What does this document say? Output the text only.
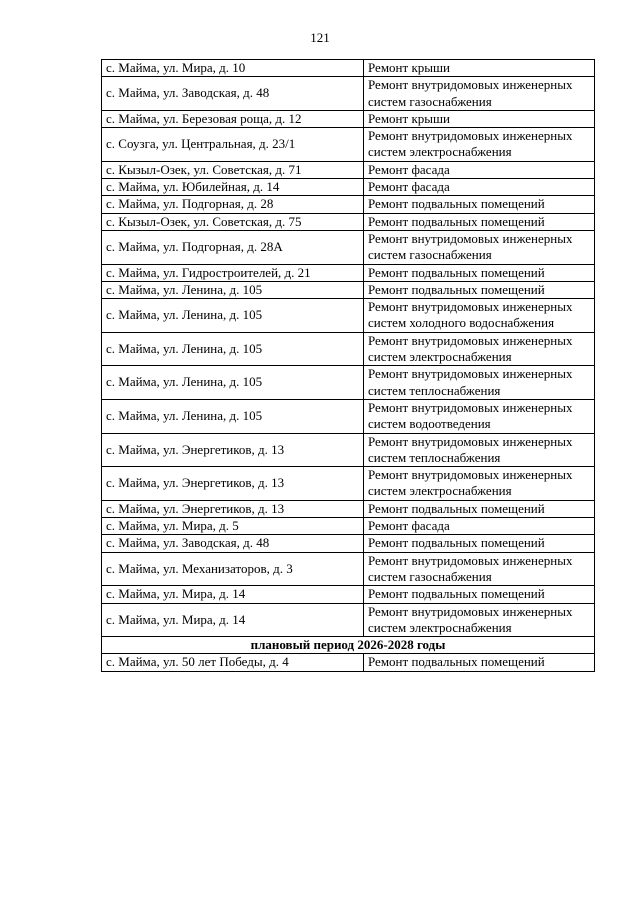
121
с. Майма, ул. Мира, д. 10	Ремонт крыши
с. Майма, ул. Заводская, д. 48	Ремонт внутридомовых инженерных систем газоснабжения
с. Майма, ул. Березовая роща, д. 12	Ремонт крыши
с. Соузга, ул. Центральная, д. 23/1	Ремонт внутридомовых инженерных систем электроснабжения
с. Кызыл-Озек, ул. Советская, д. 71	Ремонт фасада
с. Майма, ул. Юбилейная, д. 14	Ремонт фасада
с. Майма, ул. Подгорная, д. 28	Ремонт подвальных помещений
с. Кызыл-Озек, ул. Советская, д. 75	Ремонт подвальных помещений
с. Майма, ул. Подгорная, д. 28А	Ремонт внутридомовых инженерных систем газоснабжения
с. Майма, ул. Гидростроителей, д. 21	Ремонт подвальных помещений
с. Майма, ул. Ленина, д. 105	Ремонт подвальных помещений
с. Майма, ул. Ленина, д. 105	Ремонт внутридомовых инженерных систем холодного водоснабжения
с. Майма, ул. Ленина, д. 105	Ремонт внутридомовых инженерных систем электроснабжения
с. Майма, ул. Ленина, д. 105	Ремонт внутридомовых инженерных систем теплоснабжения
с. Майма, ул. Ленина, д. 105	Ремонт внутридомовых инженерных систем водоотведения
с. Майма, ул. Энергетиков, д. 13	Ремонт внутридомовых инженерных систем теплоснабжения
с. Майма, ул. Энергетиков, д. 13	Ремонт внутридомовых инженерных систем электроснабжения
с. Майма, ул. Энергетиков, д. 13	Ремонт подвальных помещений
с. Майма, ул. Мира, д. 5	Ремонт фасада
с. Майма, ул. Заводская, д. 48	Ремонт подвальных помещений
с. Майма, ул. Механизаторов, д. 3	Ремонт внутридомовых инженерных систем газоснабжения
с. Майма, ул. Мира, д. 14	Ремонт подвальных помещений
с. Майма, ул. Мира, д. 14	Ремонт внутридомовых инженерных систем электроснабжения
плановый период 2026-2028 годы	
с. Майма, ул. 50 лет Победы, д. 4	Ремонт подвальных помещений
